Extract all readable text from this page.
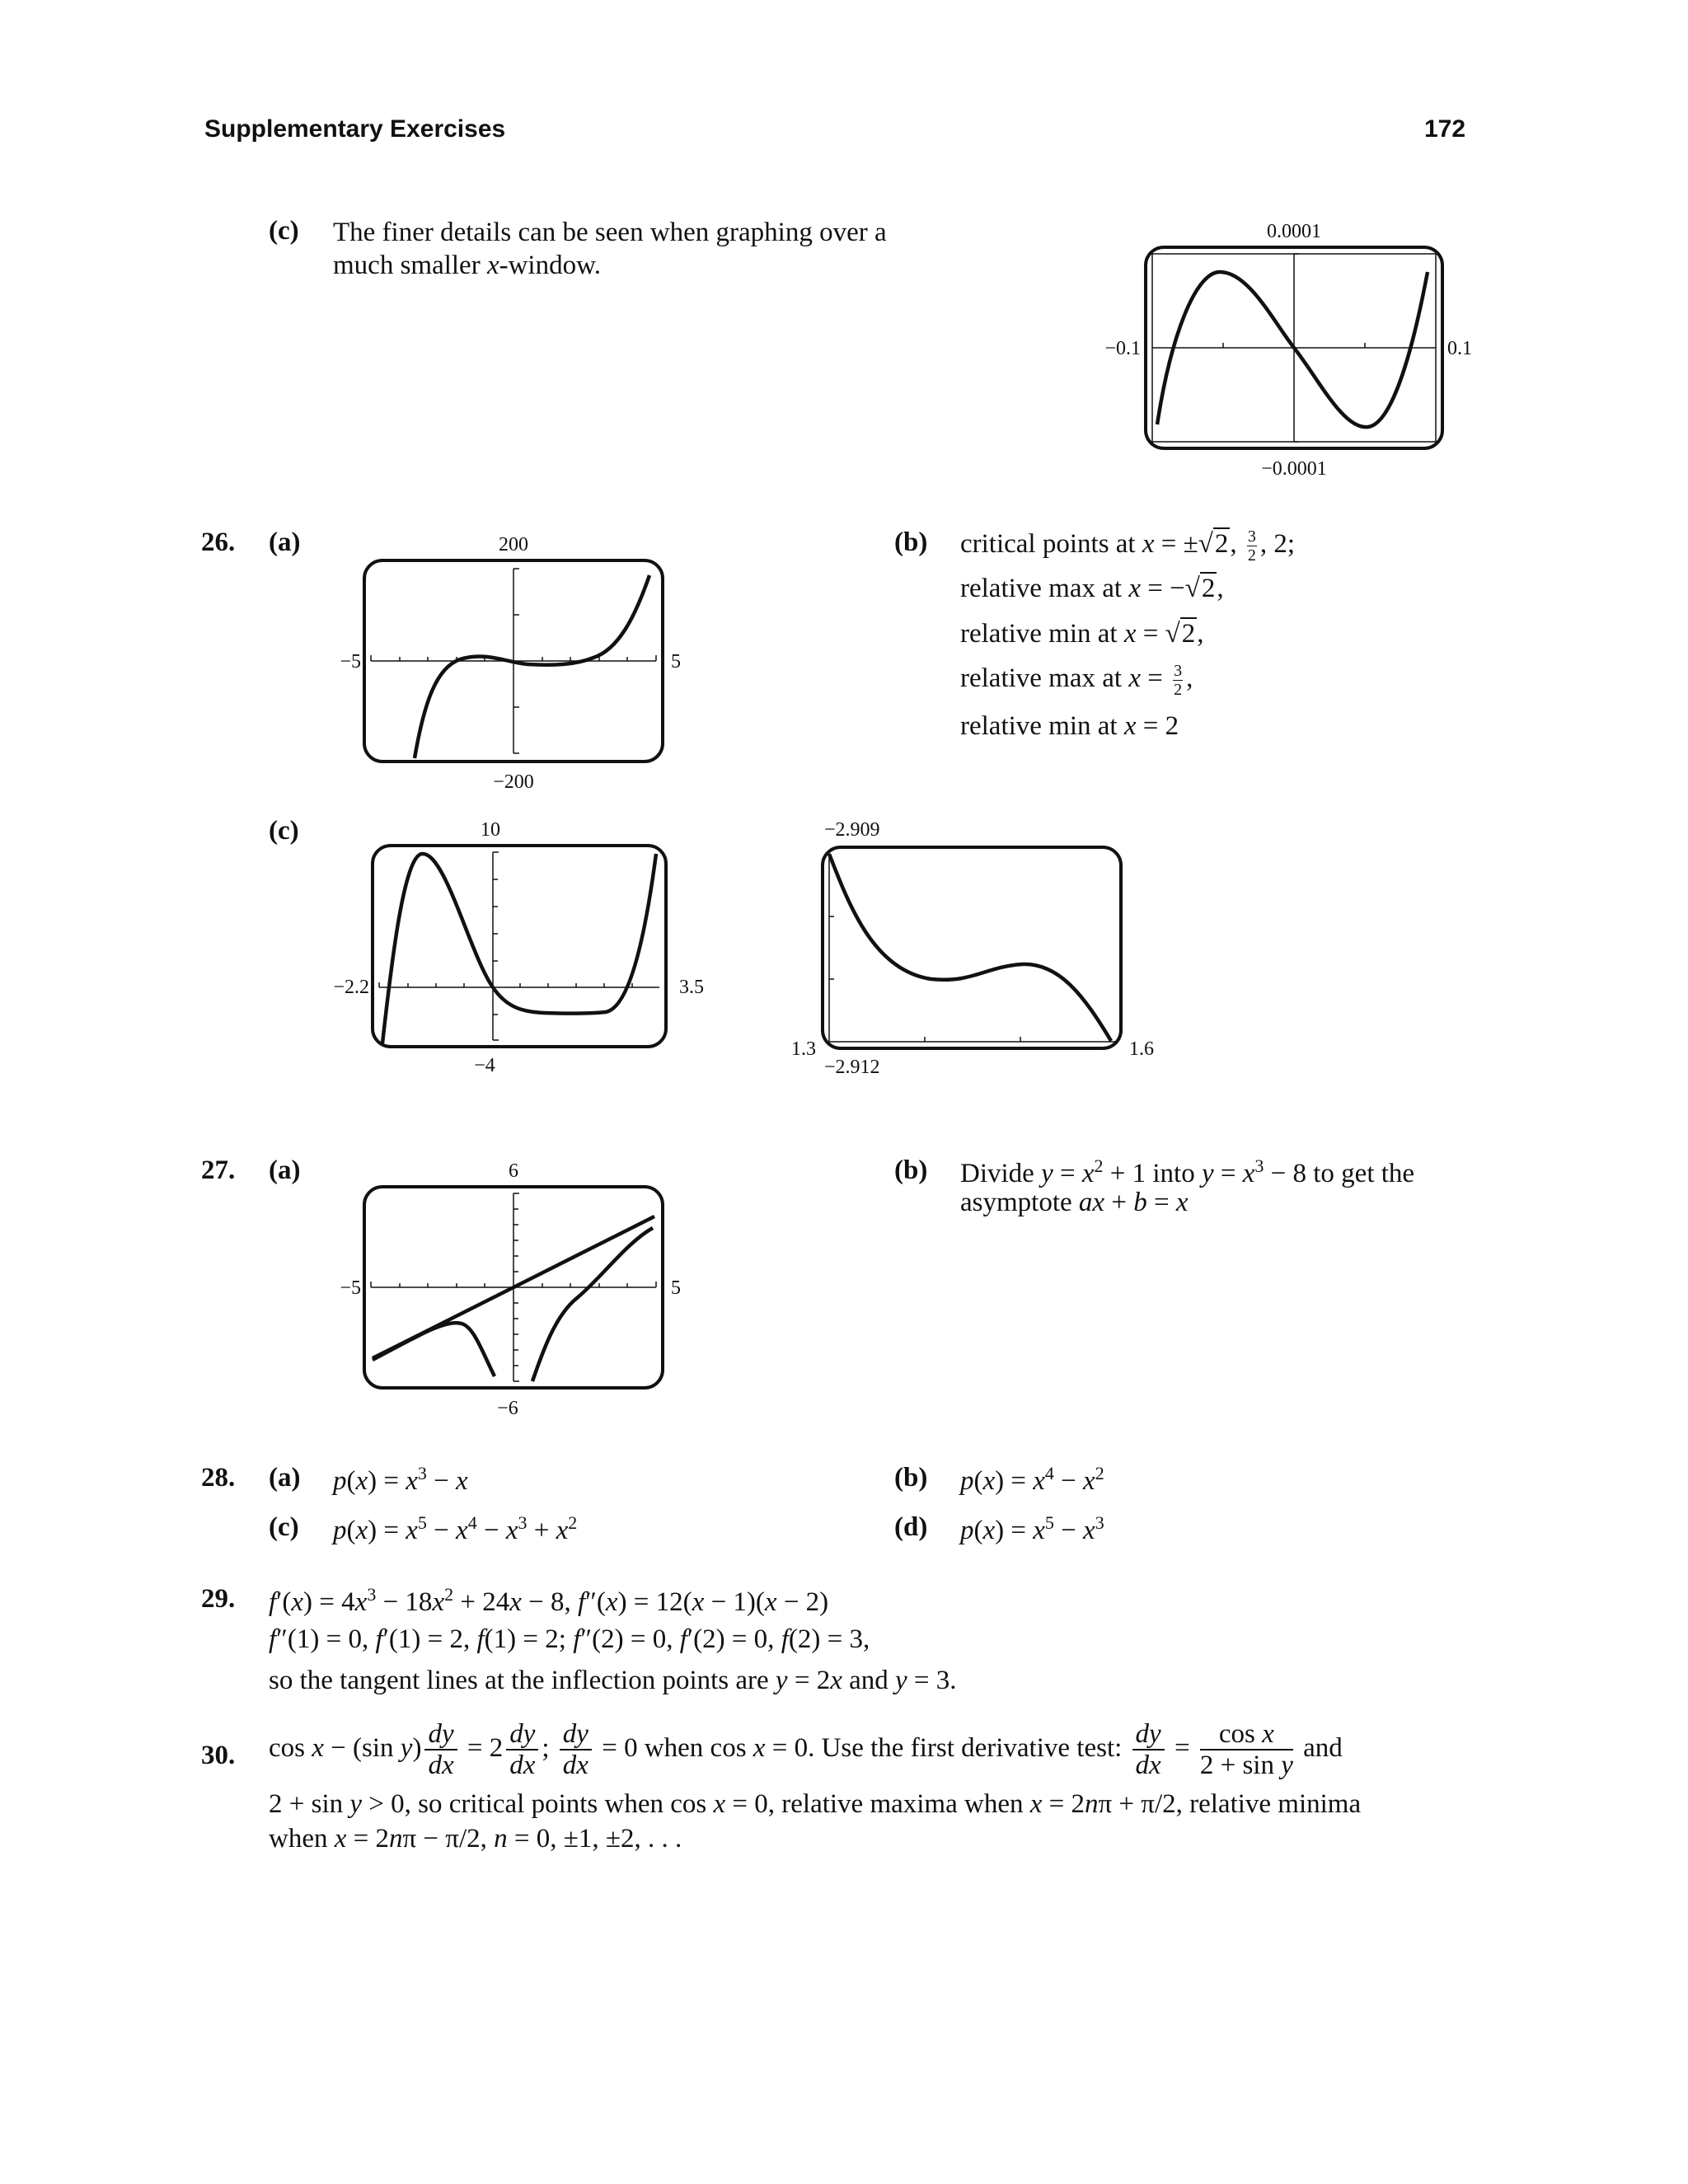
Supplementary Exercises	172
(c) The finer details can be seen when graphing over a much smaller x-window.
0.0001
−0.0001
−0.1	0.1
26. (a)	200
−200
−5	5
(b) critical points at x = ±√2, $\frac{3}{2}$ , 2;
relative max at x = −√2,
relative min at x = √2,
relative max at $x = \frac{3}{2}$ ,
relative min at x = 2
(c)	10
−4
−2.2	3.5
−2.909
−2.912
1.3	1.6
27. (a)	6
−6
−5	5
(b) Divide $y = x^2 + 1$ into $y = x^3 - 8$ to get the
asymptote ax + b = x
28. (a) $p(x) = x^3 - x$	(b) $p(x) = x^4 - x^2$
(c) $p(x) = x^5 - x^4 - x^3 + x^2$	(d) $p(x) = x^5 - x^3$
29. $f'(x) = 4x^3 - 18x^2 + 24x - 8$, f″(x) = 12(x − 1)(x − 2)
f″(1) = 0, f′(1) = 2, f(1) = 2; f″(2) = 0, f′(2) = 0, f(2) = 3,
so the tangent lines at the inflection points are y = 2x and y = 3.
30. cos x − (sin $y) \frac{dy}{dx} = 2 \frac{dy}{dx}$ ; $\frac{dy}{dx} = 0$ when cos x = 0. Use the first derivative test: $\frac{dy}{dx} = \frac{\text{cos x}}{\text{2 + sin y}}$ and
2 + sin y > 0, so critical points when cos x = 0, relative maxima when x = 2nπ + π/2, relative minima
when x = 2nπ − π/2, n = 0, ±1, ±2, . . .
